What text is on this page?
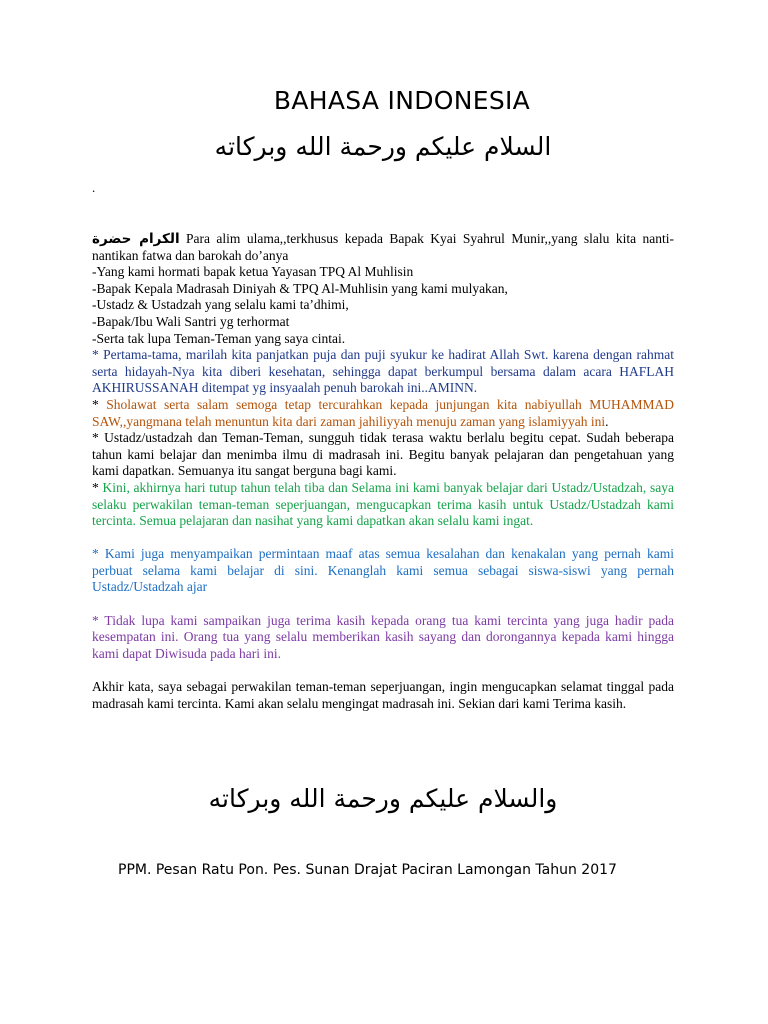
BAHASA INDONESIA
السلام عليكم ورحمة الله وبركاته
.

الكرام حضرة Para alim ulama,,terkhusus kepada Bapak Kyai Syahrul Munir,,yang slalu kita nanti-nantikan fatwa dan barokah do’anya

-Yang kami hormati bapak ketua Yayasan TPQ Al Muhlisin

-Bapak Kepala Madrasah Diniyah & TPQ Al-Muhlisin yang kami mulyakan,

-Ustadz & Ustadzah yang selalu kami ta’dhimi,

-Bapak/Ibu Wali Santri yg terhormat

-Serta tak lupa Teman-Teman yang saya cintai.

* Pertama-tama, marilah kita panjatkan puja dan puji syukur ke hadirat Allah Swt. karena dengan rahmat serta hidayah-Nya kita diberi kesehatan, sehingga dapat berkumpul bersama dalam acara HAFLAH AKHIRUSSANAH ditempat yg insyaalah penuh barokah ini..AMINN.

* Sholawat serta salam semoga tetap tercurahkan kepada junjungan kita nabiyullah MUHAMMAD SAW,,yangmana telah menuntun kita dari zaman jahiliyyah menuju zaman yang islamiyyah ini.

* Ustadz/ustadzah dan Teman-Teman, sungguh tidak terasa waktu berlalu begitu cepat. Sudah beberapa tahun kami belajar dan menimba ilmu di madrasah ini. Begitu banyak pelajaran dan pengetahuan yang kami dapatkan. Semuanya itu sangat berguna bagi kami.

* Kini, akhirnya hari tutup tahun telah tiba dan Selama ini kami banyak belajar dari Ustadz/Ustadzah, saya selaku perwakilan teman-teman seperjuangan, mengucapkan terima kasih untuk Ustadz/Ustadzah kami tercinta. Semua pelajaran dan nasihat yang kami dapatkan akan selalu kami ingat.

* Kami juga menyampaikan permintaan maaf atas semua kesalahan dan kenakalan yang pernah kami perbuat selama kami belajar di sini. Kenanglah kami semua sebagai siswa-siswi yang pernah Ustadz/Ustadzah ajar

* Tidak lupa kami sampaikan juga terima kasih kepada orang tua kami tercinta yang juga hadir pada kesempatan ini. Orang tua yang selalu memberikan kasih sayang dan dorongannya kepada kami hingga kami dapat Diwisuda pada hari ini.

Akhir kata, saya sebagai perwakilan teman-teman seperjuangan, ingin mengucapkan selamat tinggal pada madrasah kami tercinta. Kami akan selalu mengingat madrasah ini. Sekian dari kami Terima kasih.

والسلام عليكم ورحمة الله وبركاته
PPM. Pesan Ratu Pon. Pes. Sunan Drajat Paciran Lamongan Tahun 2017
